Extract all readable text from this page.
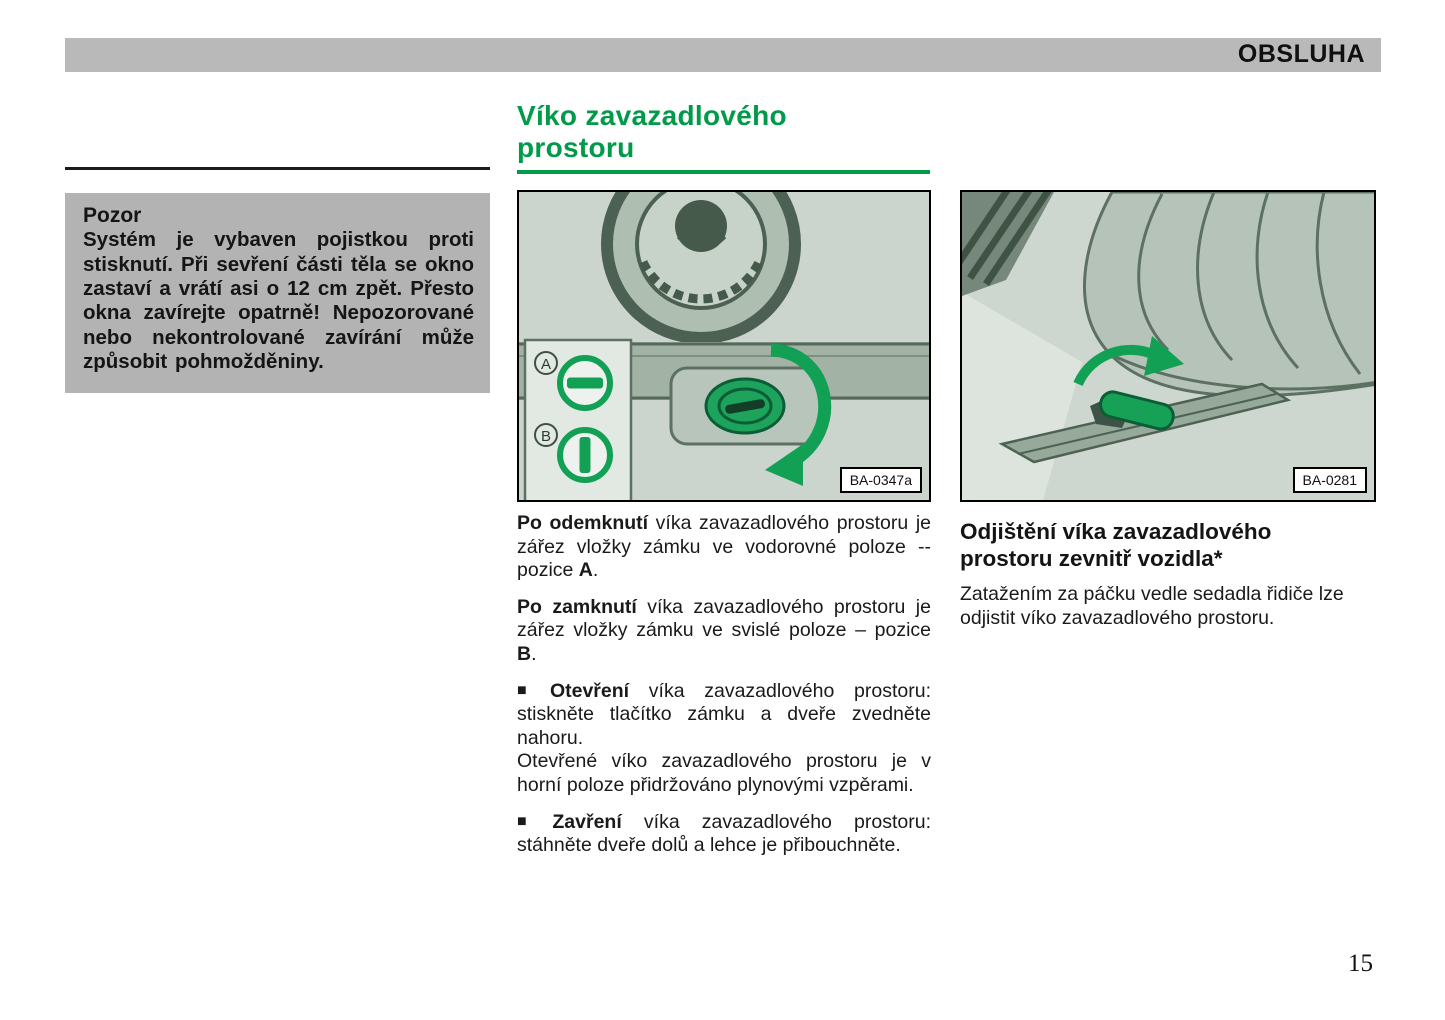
OBSLUHA
Víko zavazadlového
prostoru
Pozor
Systém je vybaven pojistkou proti stisknutí. Při sevření části těla se okno zastaví a vrátí asi o 12 cm zpět. Přesto okna zavírejte opatrně! Nepozorované nebo nekontrolované zavírání může způsobit pohmožděniny.	A
B
BA-0347a	BA-0281

Po odemknutí víka zavazadlového prostoru je zářez vložky zámku ve vodorovné poloze -- pozice A.

Po zamknutí víka zavazadlového prostoru je zářez vložky zámku ve svislé poloze – pozice B.

■ Otevření víka zavazadlového prostoru: stiskněte tlačítko zámku a dveře zvedněte nahoru.

Otevřené víko zavazadlového prostoru je v horní poloze přidržováno plynovými vzpěrami.

■ Zavření víka zavazadlového prostoru: stáhněte dveře dolů a lehce je přibouchněte.

Odjištění víka zavazadlového
prostoru zevnitř vozidla*
Zatažením za páčku vedle sedadla řidiče lze odjistit víko zavazadlového prostoru.
15
